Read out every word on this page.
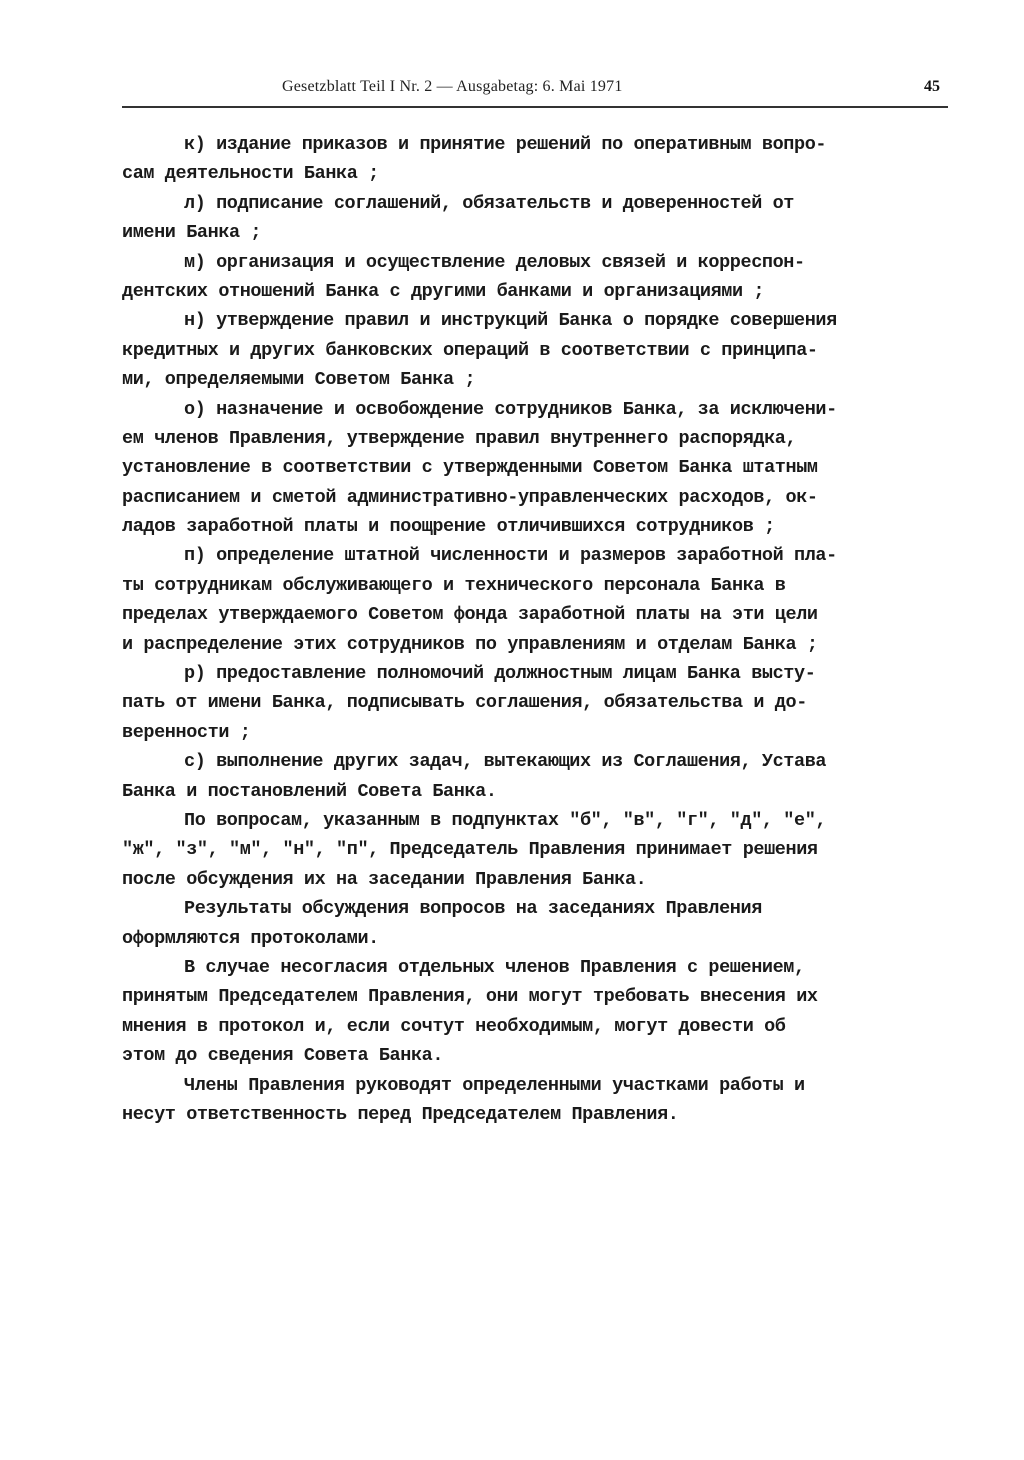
Gesetzblatt Teil I Nr. 2 — Ausgabetag: 6. Mai 1971	45
к) издание приказов и принятие решений по оперативным вопро-
сам деятельности Банка ;
л) подписание соглашений, обязательств и доверенностей от
имени Банка ;
м) организация и осуществление деловых связей и корреспон-
дентских отношений Банка с другими банками и организациями ;
н) утверждение правил и инструкций Банка о порядке совершения
кредитных и других банковских операций в соответствии с принципа-
ми, определяемыми Советом Банка ;
о) назначение и освобождение сотрудников Банка, за исключени-
ем членов Правления, утверждение правил внутреннего распорядка,
установление в соответствии с утвержденными Советом Банка штатным
расписанием и сметой административно-управленческих расходов, ок-
ладов заработной платы и поощрение отличившихся сотрудников ;
п) определение штатной численности и размеров заработной пла-
ты сотрудникам обслуживающего и технического персонала Банка в
пределах утверждаемого Советом фонда заработной платы на эти цели
и распределение этих сотрудников по управлениям и отделам Банка ;
р) предоставление полномочий должностным лицам Банка высту-
пать от имени Банка, подписывать соглашения, обязательства и до-
веренности ;
с) выполнение других задач, вытекающих из Соглашения, Устава
Банка и постановлений Совета Банка.
По вопросам, указанным в подпунктах "б", "в", "г", "д", "е",
"ж", "з", "м", "н", "п", Председатель Правления принимает решения
после обсуждения их на заседании Правления Банка.
Результаты обсуждения вопросов на заседаниях Правления
оформляются протоколами.
В случае несогласия отдельных членов Правления с решением,
принятым Председателем Правления, они могут требовать внесения их
мнения в протокол и, если сочтут необходимым, могут довести об
этом до сведения Совета Банка.
Члены Правления руководят определенными участками работы и
несут ответственность перед Председателем Правления.
